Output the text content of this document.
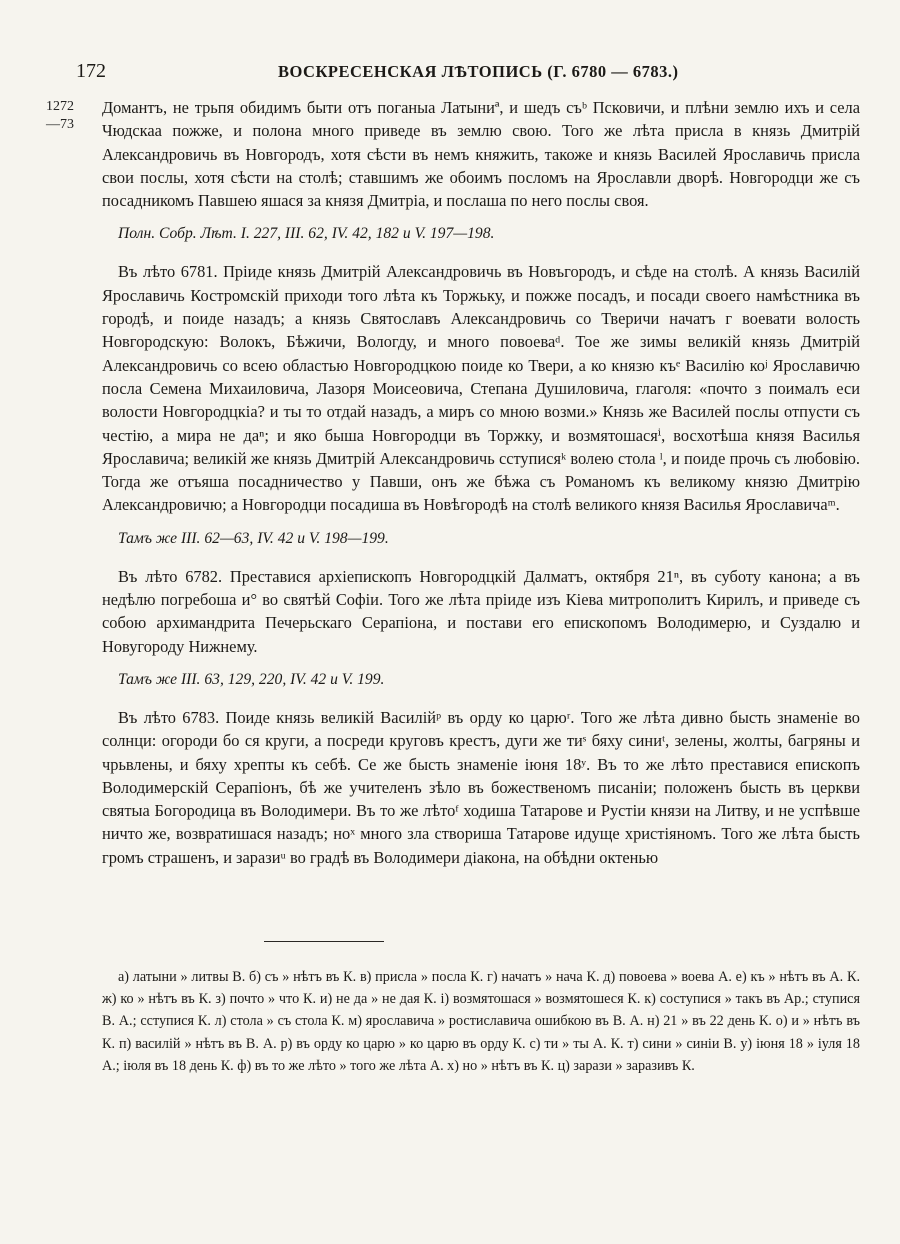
172	ВОСКРЕСЕНСКАЯ ЛѢТОПИСЬ (Г. 6780 — 6783.)
1272
—73

Домантъ, не трьпя обидимъ быти отъ поганыа Латыниª, и шедъ съᵇ Псковичи, и плѣни землю ихъ и села Чюдскаа пожже, и полона много приведе въ землю свою. Того же лѣта присла в князь Дмитрій Александровичь въ Новгородъ, хотя сѣсти въ немъ княжить, такоже и князь Василей Ярославичь присла свои послы, хотя сѣсти на столѣ; ставшимъ же обоимъ посломъ на Ярославли дворѣ. Новгородци же съ посадникомъ Павшею яшася за князя Дмитріа, и послаша по него послы своя.

Полн. Собр. Лѣт. I. 227, III. 62, IV. 42, 182 и V. 197—198.

Въ лѣто 6781. Пріиде князь Дмитрій Александровичь въ Новъгородъ, и сѣде на столѣ. А князь Василій Ярославичь Костромскій приходи того лѣта къ Торжьку, и пожже посадъ, и посади своего намѣстника въ городѣ, и поиде назадъ; а князь Святославъ Александровичь со Тверичи начатъ г воевати волость Новгородскую: Волокъ, Бѣжичи, Вологду, и много повоеваᵈ. Тое же зимы великій князь Дмитрій Александровичь со всею областью Новгородцкою поиде ко Твери, а ко князю къᵉ Василію коʲ Ярославичю посла Семена Михаиловича, Лазоря Моисеовича, Степана Душиловича, глаголя: «почто з поималъ еси волости Новгородцкіа? и ты то отдай назадъ, а миръ со мною возми.» Князь же Василей послы отпусти съ честію, а мира не даⁿ; и яко быша Новгородци въ Торжку, и возмятошасяⁱ, восхотѣша князя Василья Ярославича; великій же князь Дмитрій Александровичь сступисяᵏ волею стола ˡ, и поиде прочь съ любовію. Тогда же отъяша посадничество у Павши, онъ же бѣжа съ Романомъ къ великому князю Дмитрію Александровичю; а Новгородци посадиша въ Новѣгородѣ на столѣ великого князя Василья Ярославичаᵐ.

Тамъ же III. 62—63, IV. 42 и V. 198—199.

Въ лѣто 6782. Преставися архіепископъ Новгородцкій Далматъ, октября 21ⁿ, въ суботу канона; а въ недѣлю погребоша и° во святѣй Софіи. Того же лѣта пріиде изъ Кіева митрополитъ Кирилъ, и приведе съ собою архимандрита Печерьскаго Серапіона, и постави его епископомъ Володимерю, и Суздалю и Новугороду Нижнему.

Тамъ же III. 63, 129, 220, IV. 42 и V. 199.

Въ лѣто 6783. Поиде князь великій Василійᵖ въ орду ко царюʳ. Того же лѣта дивно бысть знаменіе во солнци: огороди бо ся круги, а посреди круговъ крестъ, дуги же тиˢ бяху синиᵗ, зелены, жолты, багряны и чрьвлены, и бяху хрепты къ себѣ. Се же бысть знаменіе іюня 18ʸ. Въ то же лѣто преставися епископъ Володимерскій Серапіонъ, бѣ же учителенъ зѣло въ божественомъ писаніи; положенъ бысть въ церкви святыа Богородица въ Володимери. Въ то же лѣтоᶠ ходиша Татарове и Рустіи князи на Литву, и не успѣвше ничто же, возвратишася назадъ; ноˣ много зла створиша Татарове идуще христіяномъ. Того же лѣта бысть громъ страшенъ, и заразиᵘ во градѣ въ Володимери діакона, на обѣдни октенью

а) латыни » литвы В. б) съ » нѣтъ въ К. в) присла » посла К. г) начатъ » нача К. д) повоева » воева А. е) къ » нѣтъ въ А. К. ж) ко » нѣтъ въ К. з) почто » что К. и) не да » не дая К. і) возмятошася » возмятошеся К. к) соступися » такъ въ Ар.; ступися В. А.; сступися К. л) стола » съ стола К. м) ярославича » ростиславича ошибкою въ В. А. н) 21 » въ 22 день К. о) и » нѣтъ въ К. п) василій » нѣтъ въ В. А. р) въ орду ко царю » ко царю въ орду К. с) ти » ты А. К. т) сини » синіи В. у) іюня 18 » іуля 18 А.; іюля въ 18 день К. ф) въ то же лѣто » того же лѣта А. х) но » нѣтъ въ К. ц) зарази » заразивъ К.
